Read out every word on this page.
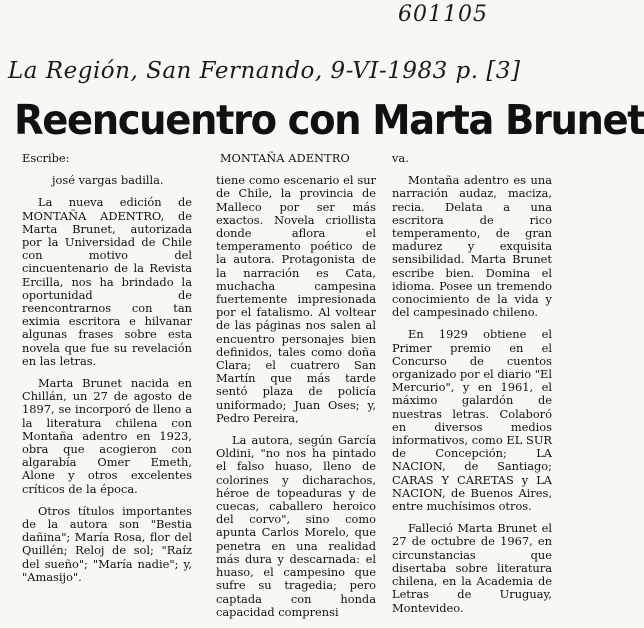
601105
La Región, San Fernando, 9-VI-1983 p. [3]
Reencuentro con Marta Brunet

Escribe:

josé vargas badilla.

La nueva edición de MONTAÑA ADENTRO, de Marta Brunet, autorizada por la Universidad de Chile con motivo del cincuentenario de la Revista Ercilla, nos ha brindado la oportunidad de reencontrarnos con tan eximia escritora e hilvanar algunas frases sobre esta novela que fue su revelación en las letras.

Marta Brunet nacida en Chillán, un 27 de agosto de 1897, se incorporó de lleno a la literatura chilena con Montaña adentro en 1923, obra que acogieron con algarabía Omer Emeth, Alone y otros excelentes críticos de la época.

Otros títulos importantes de la autora son "Bestia dañina"; María Rosa, flor del Quillén; Reloj de sol; "Raíz del sueño"; "María nadie"; y, "Amasijo".

MONTAÑA ADENTRO

tiene como escenario el sur de Chile, la provincia de Malleco por ser más exactos. Novela criollista donde aflora el temperamento poético de la autora. Protagonista de la narración es Cata, muchacha campesina fuertemente impresionada por el fatalismo. Al voltear de las páginas nos salen al encuentro personajes bien definidos, tales como doña Clara; el cuatrero San Martín que más tarde sentó plaza de policía uniformado; Juan Oses; y, Pedro Pereira,

La autora, según García Oldini, "no nos ha pintado el falso huaso, lleno de colorines y dicharachos, héroe de topeaduras y de cuecas, caballero heroico del corvo", sino como apunta Carlos Morelo, que penetra en una realidad más dura y descarnada: el huaso, el campesino que sufre su tragedia; pero captada con honda capacidad comprensi

va.

Montaña adentro es una narración audaz, maciza, recia. Delata a una escritora de rico temperamento, de gran madurez y exquisita sensibilidad. Marta Brunet escribe bien. Domina el idioma. Posee un tremendo conocimiento de la vida y del campesinado chileno.

En 1929 obtiene el Primer premio en el Concurso de cuentos organizado por el diario "El Mercurio", y en 1961, el máximo galardón de nuestras letras. Colaboró en diversos medios informativos, como EL SUR de Concepción; LA NACION, de Santiago; CARAS Y CARETAS y LA NACION, de Buenos Aires, entre muchísimos otros.

Falleció Marta Brunet el 27 de octubre de 1967, en circunstancias que disertaba sobre literatura chilena, en la Academia de Letras de Uruguay, Montevideo.
